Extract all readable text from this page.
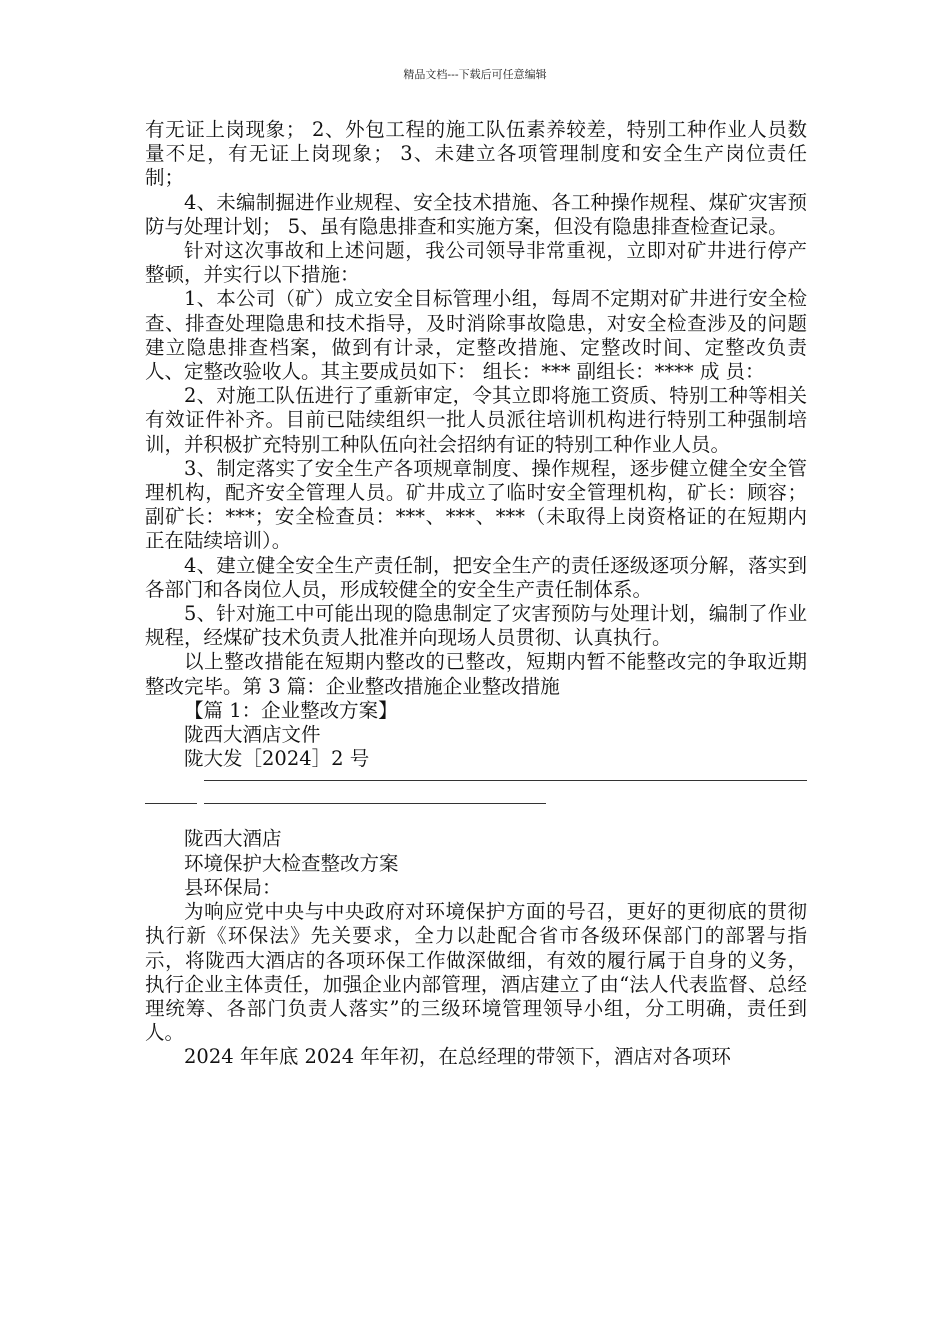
精品文档---下载后可任意编辑

有无证上岗现象； 2、外包工程的施工队伍素养较差，特别工种作业人员数量不足，有无证上岗现象； 3、未建立各项管理制度和安全生产岗位责任制；

4、未编制掘进作业规程、安全技术措施、各工种操作规程、煤矿灾害预防与处理计划； 5、虽有隐患排查和实施方案，但没有隐患排查检查记录。

针对这次事故和上述问题，我公司领导非常重视，立即对矿井进行停产整顿，并实行以下措施：

1、本公司（矿）成立安全目标管理小组，每周不定期对矿井进行安全检查、排查处理隐患和技术指导，及时消除事故隐患，对安全检查涉及的问题建立隐患排查档案，做到有计录，定整改措施、定整改时间、定整改负责人、定整改验收人。其主要成员如下： 组长：*** 副组长：**** 成 员：

2、对施工队伍进行了重新审定，令其立即将施工资质、特别工种等相关有效证件补齐。目前已陆续组织一批人员派往培训机构进行特别工种强制培训，并积极扩充特别工种队伍向社会招纳有证的特别工种作业人员。

3、制定落实了安全生产各项规章制度、操作规程，逐步健立健全安全管理机构，配齐安全管理人员。矿井成立了临时安全管理机构，矿长：顾容；副矿长：***；安全检查员：***、***、***（未取得上岗资格证的在短期内正在陆续培训）。

4、建立健全安全生产责任制，把安全生产的责任逐级逐项分解，落实到各部门和各岗位人员，形成较健全的安全生产责任制体系。

5、针对施工中可能出现的隐患制定了灾害预防与处理计划，编制了作业规程，经煤矿技术负责人批准并向现场人员贯彻、认真执行。

以上整改措能在短期内整改的已整改，短期内暂不能整改完的争取近期整改完毕。第 3 篇：企业整改措施企业整改措施

【篇 1：企业整改方案】

陇西大酒店文件

陇大发［2024］2 号

陇西大酒店

环境保护大检查整改方案

县环保局：

为响应党中央与中央政府对环境保护方面的号召，更好的更彻底的贯彻执行新《环保法》先关要求，全力以赴配合省市各级环保部门的部署与指示，将陇西大酒店的各项环保工作做深做细，有效的履行属于自身的义务，执行企业主体责任，加强企业内部管理，酒店建立了由“法人代表监督、总经理统筹、各部门负责人落实”的三级环境管理领导小组，分工明确，责任到人。

2024 年年底 2024 年年初，在总经理的带领下，酒店对各项环
